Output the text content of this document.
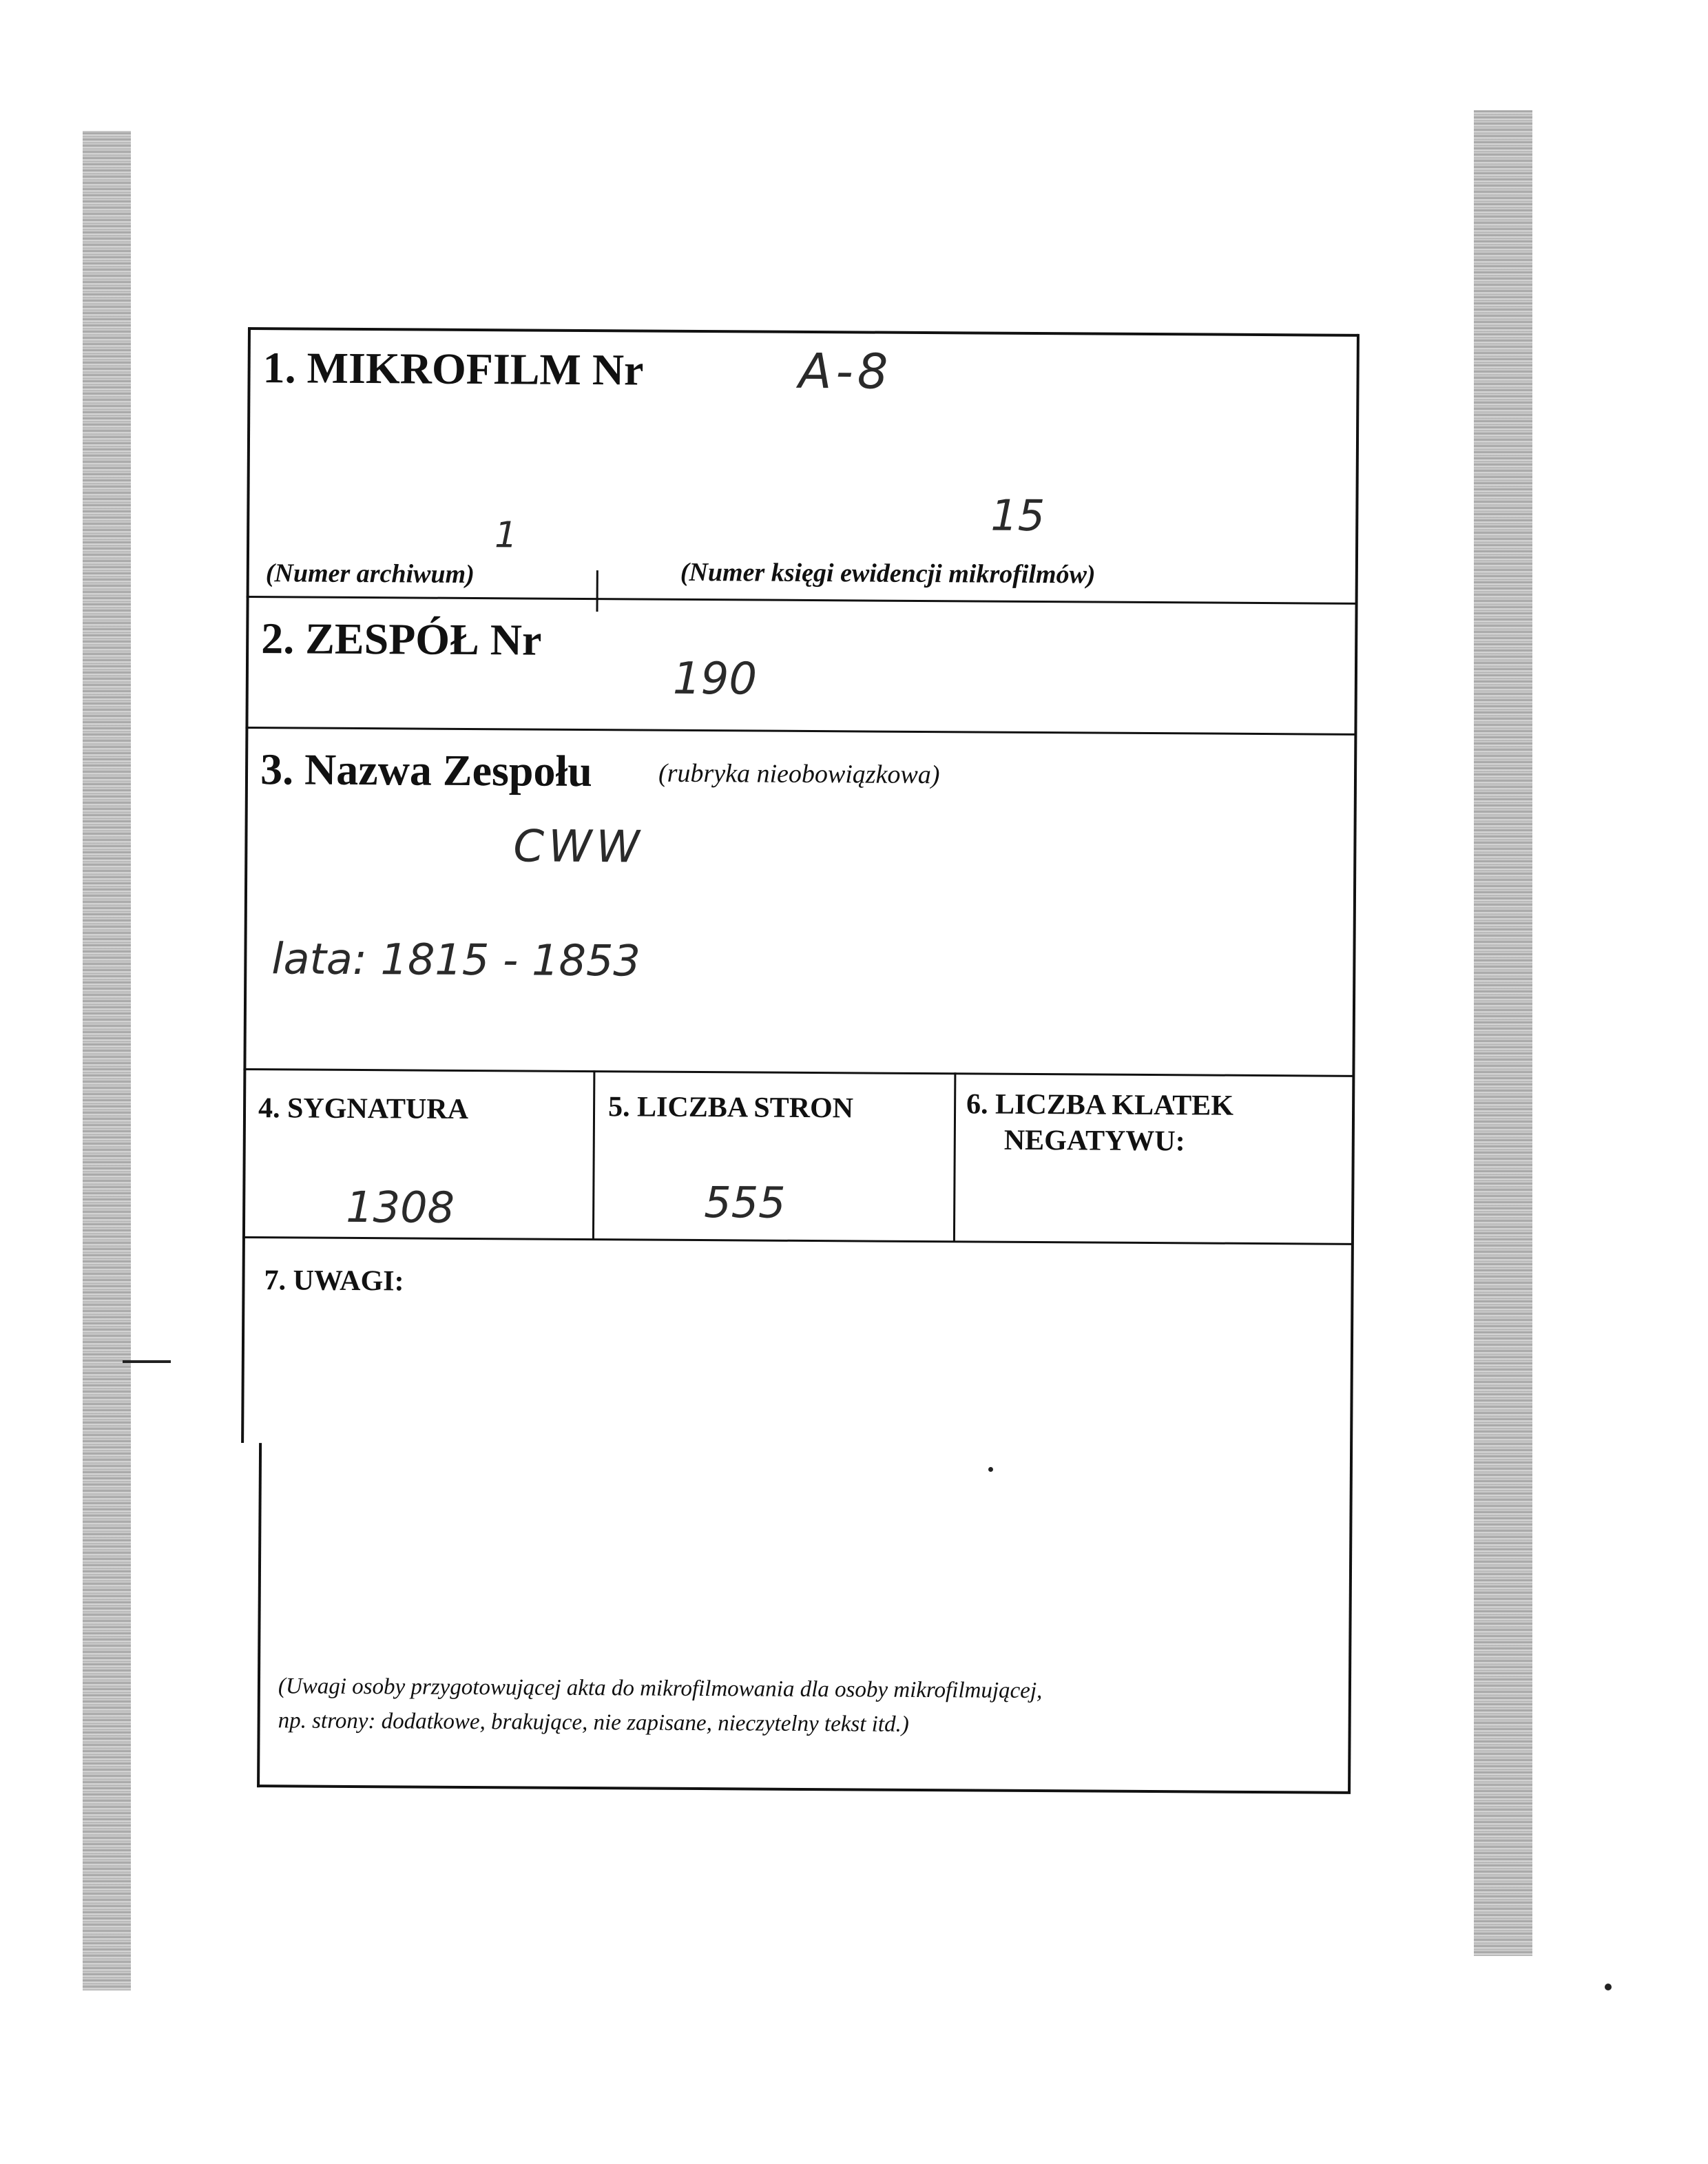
1. MIKROFILM Nr	A-8
1	15
(Numer archiwum)	(Numer księgi ewidencji mikrofilmów)
2. ZESPÓŁ Nr
190
3. Nazwa Zespołu	(rubryka nieobowiązkowa)
CWW
lata: 1815 - 1853
4. SYGNATURA
1308
5. LICZBA STRON
555
6. LICZBA KLATEK
NEGATYWU:
7. UWAGI:
(Uwagi osoby przygotowującej akta do mikrofilmowania dla osoby mikrofilmującej,
np. strony: dodatkowe, brakujące, nie zapisane, nieczytelny tekst itd.)
